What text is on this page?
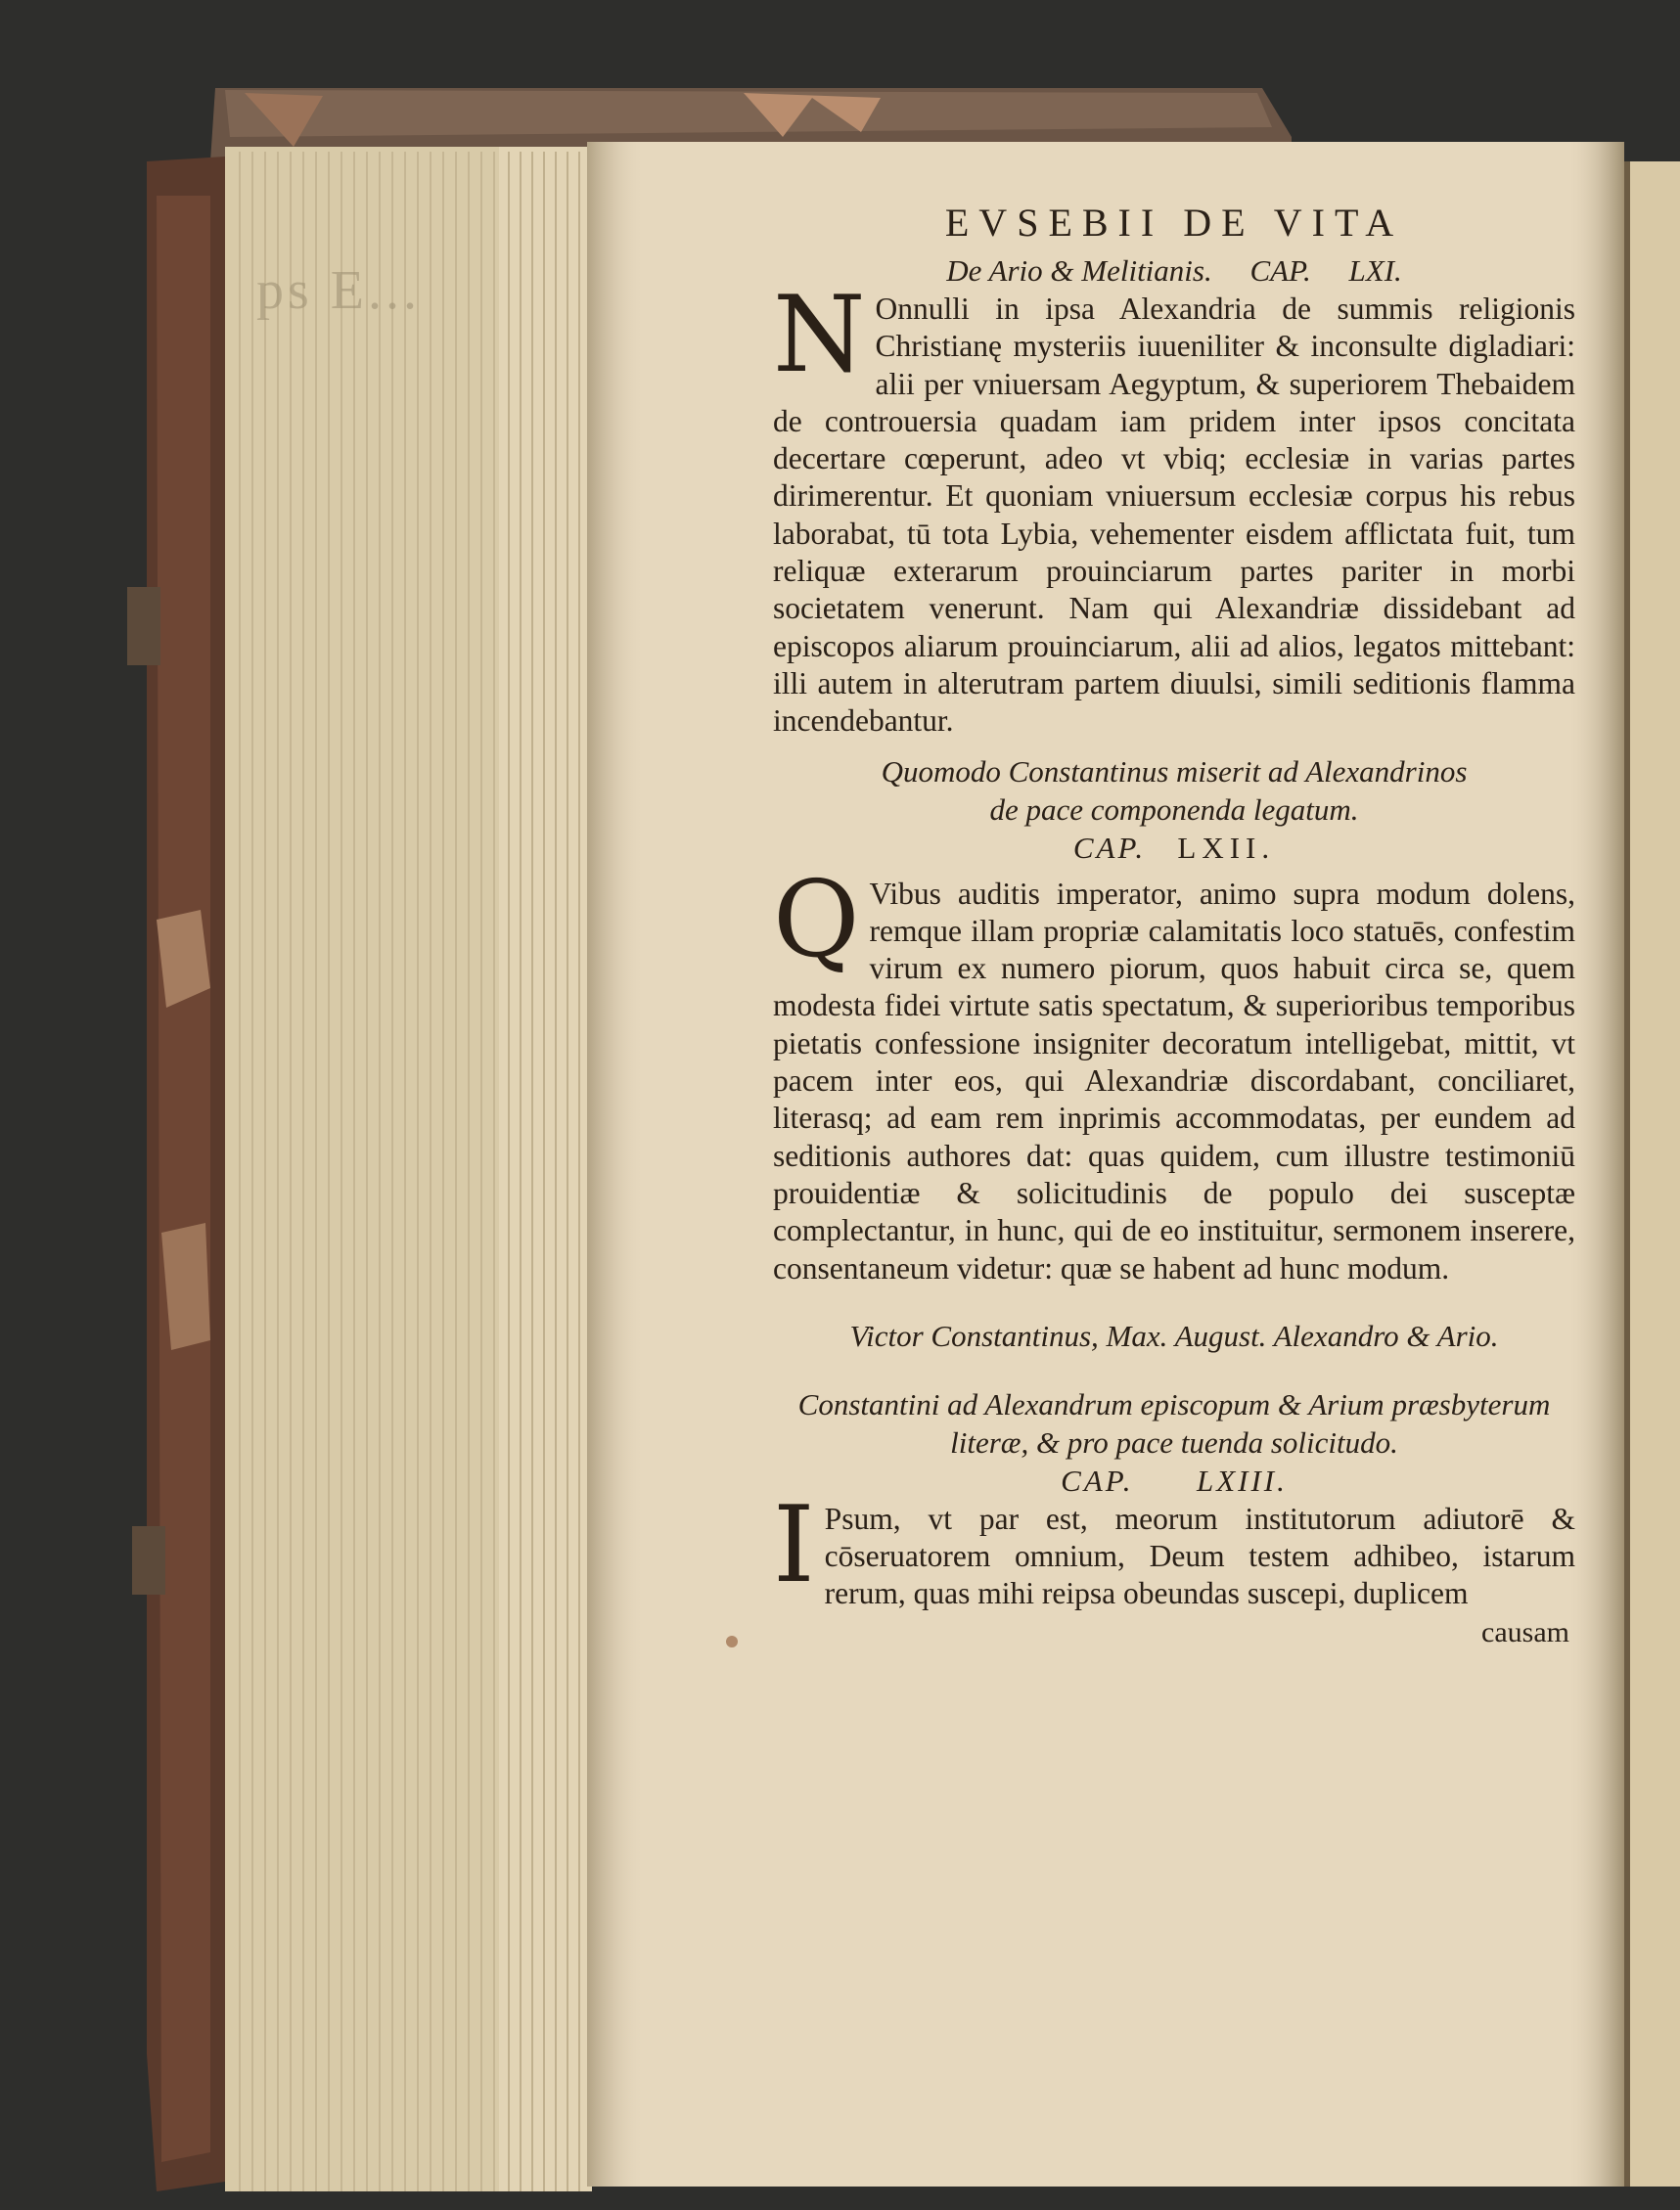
ps E...
EVSEBII DE VITA
De Ario & Melitianis. CAP. LXI.

N Onnulli in ipsa Alexandria de summis religionis Christianę mysteriis iuueniliter & inconsulte digladiari: alii per vniuersam Aegyptum, & superiorem Thebaidem de controuersia quadam iam pridem inter ipsos concitata decertare cœperunt, adeo vt vbiq; ecclesiæ in varias partes dirimerentur. Et quoniam vniuersum ecclesiæ corpus his rebus laborabat, tū tota Lybia, vehementer eisdem afflictata fuit, tum reliquæ exterarum prouinciarum partes pariter in morbi societatem venerunt. Nam qui Alexandriæ dissidebant ad episcopos aliarum prouinciarum, alii ad alios, legatos mittebant: illi autem in alterutram partem diuulsi, simili seditionis flamma incendebantur.

Quomodo Constantinus miserit ad Alexandrinos
de pace componenda legatum.
CAP. LXII.

Q Vibus auditis imperator, animo supra modum dolens, remque illam propriæ calamitatis loco statuēs, confestim virum ex numero piorum, quos habuit circa se, quem modesta fidei virtute satis spectatum, & superioribus temporibus pietatis confessione insigniter decoratum intelligebat, mittit, vt pacem inter eos, qui Alexandriæ discordabant, conciliaret, literasq; ad eam rem inprimis accommodatas, per eundem ad seditionis authores dat: quas quidem, cum illustre testimoniū prouidentiæ & solicitudinis de populo dei susceptæ complectantur, in hunc, qui de eo instituitur, sermonem inserere, consentaneum videtur: quæ se habent ad hunc modum.

Victor Constantinus, Max. August. Alexandro & Ario.
Constantini ad Alexandrum episcopum & Arium præsbyterum literæ, & pro pace tuenda solicitudo.
CAP. LXIII.

I Psum, vt par est, meorum institutorum adiutorē & cōseruatorem omnium, Deum testem adhibeo, istarum rerum, quas mihi reipsa obeundas suscepi, duplicem

causam
